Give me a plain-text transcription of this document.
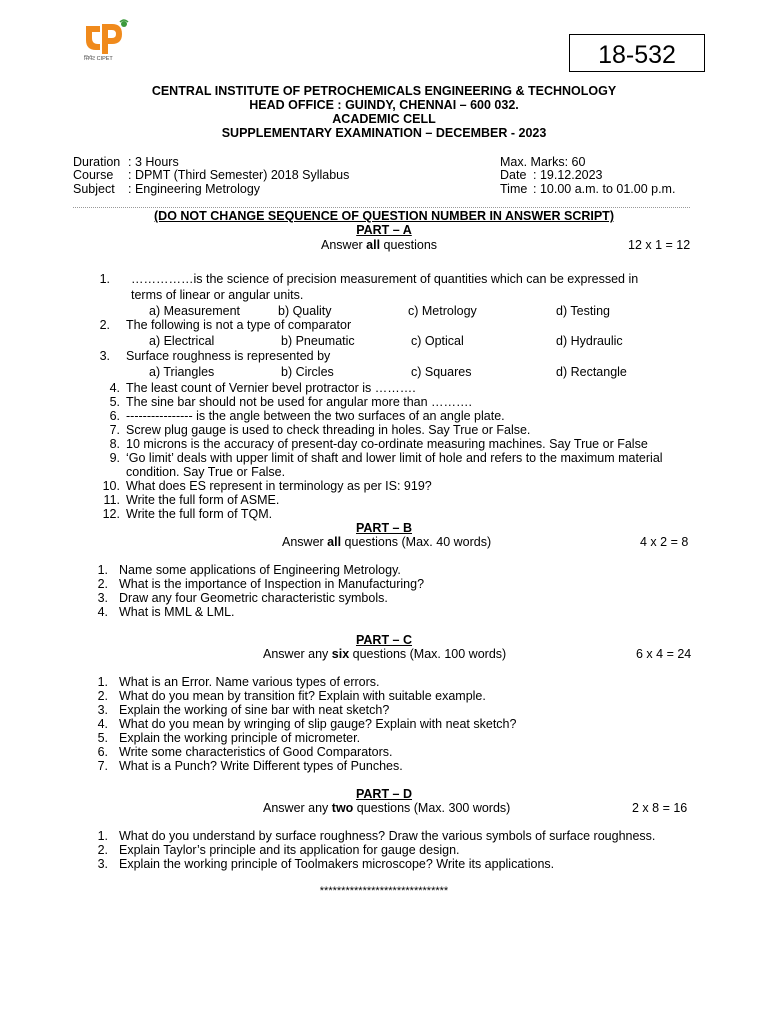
सिपेट CIPET	18-532
CENTRAL INSTITUTE OF PETROCHEMICALS ENGINEERING & TECHNOLOGY
HEAD OFFICE : GUINDY, CHENNAI – 600 032.
ACADEMIC CELL
SUPPLEMENTARY EXAMINATION – DECEMBER - 2023
Duration : 3 Hours
Course : DPMT (Third Semester) 2018 Syllabus
Subject : Engineering Metrology
Max. Marks: 60
Date : 19.12.2023
Time : 10.00 a.m. to 01.00 p.m.
(DO NOT CHANGE SEQUENCE OF QUESTION NUMBER IN ANSWER SCRIPT)
PART – A
Answer all questions	12 x 1 = 12
1. ……………is the science of precision measurement of quantities which can be expressed in
terms of linear or angular units.
a) Measurement	b) Quality	c) Metrology	d) Testing
2. The following is not a type of comparator
a) Electrical	b) Pneumatic	c) Optical	d) Hydraulic
3. Surface roughness is represented by
a) Triangles	b) Circles	c) Squares	d) Rectangle
4. The least count of Vernier bevel protractor is ……….
5. The sine bar should not be used for angular more than ……….
6. ---------------- is the angle between the two surfaces of an angle plate.
7. Screw plug gauge is used to check threading in holes. Say True or False.
8. 10 microns is the accuracy of present-day co-ordinate measuring machines. Say True or False
9. ‘Go limit’ deals with upper limit of shaft and lower limit of hole and refers to the maximum material
condition. Say True or False.
10. What does ES represent in terminology as per IS: 919?
11. Write the full form of ASME.
12. Write the full form of TQM.
PART – B
Answer all questions (Max. 40 words)	4 x 2 = 8
1. Name some applications of Engineering Metrology.
2. What is the importance of Inspection in Manufacturing?
3. Draw any four Geometric characteristic symbols.
4. What is MML & LML.
PART – C
Answer any six questions (Max. 100 words)	6 x 4 = 24
1. What is an Error. Name various types of errors.
2. What do you mean by transition fit? Explain with suitable example.
3. Explain the working of sine bar with neat sketch?
4. What do you mean by wringing of slip gauge? Explain with neat sketch?
5. Explain the working principle of micrometer.
6. Write some characteristics of Good Comparators.
7. What is a Punch? Write Different types of Punches.
PART – D
Answer any two questions (Max. 300 words)	2 x 8 = 16
1. What do you understand by surface roughness? Draw the various symbols of surface roughness.
2. Explain Taylor’s principle and its application for gauge design.
3. Explain the working principle of Toolmakers microscope? Write its applications.
******************************
